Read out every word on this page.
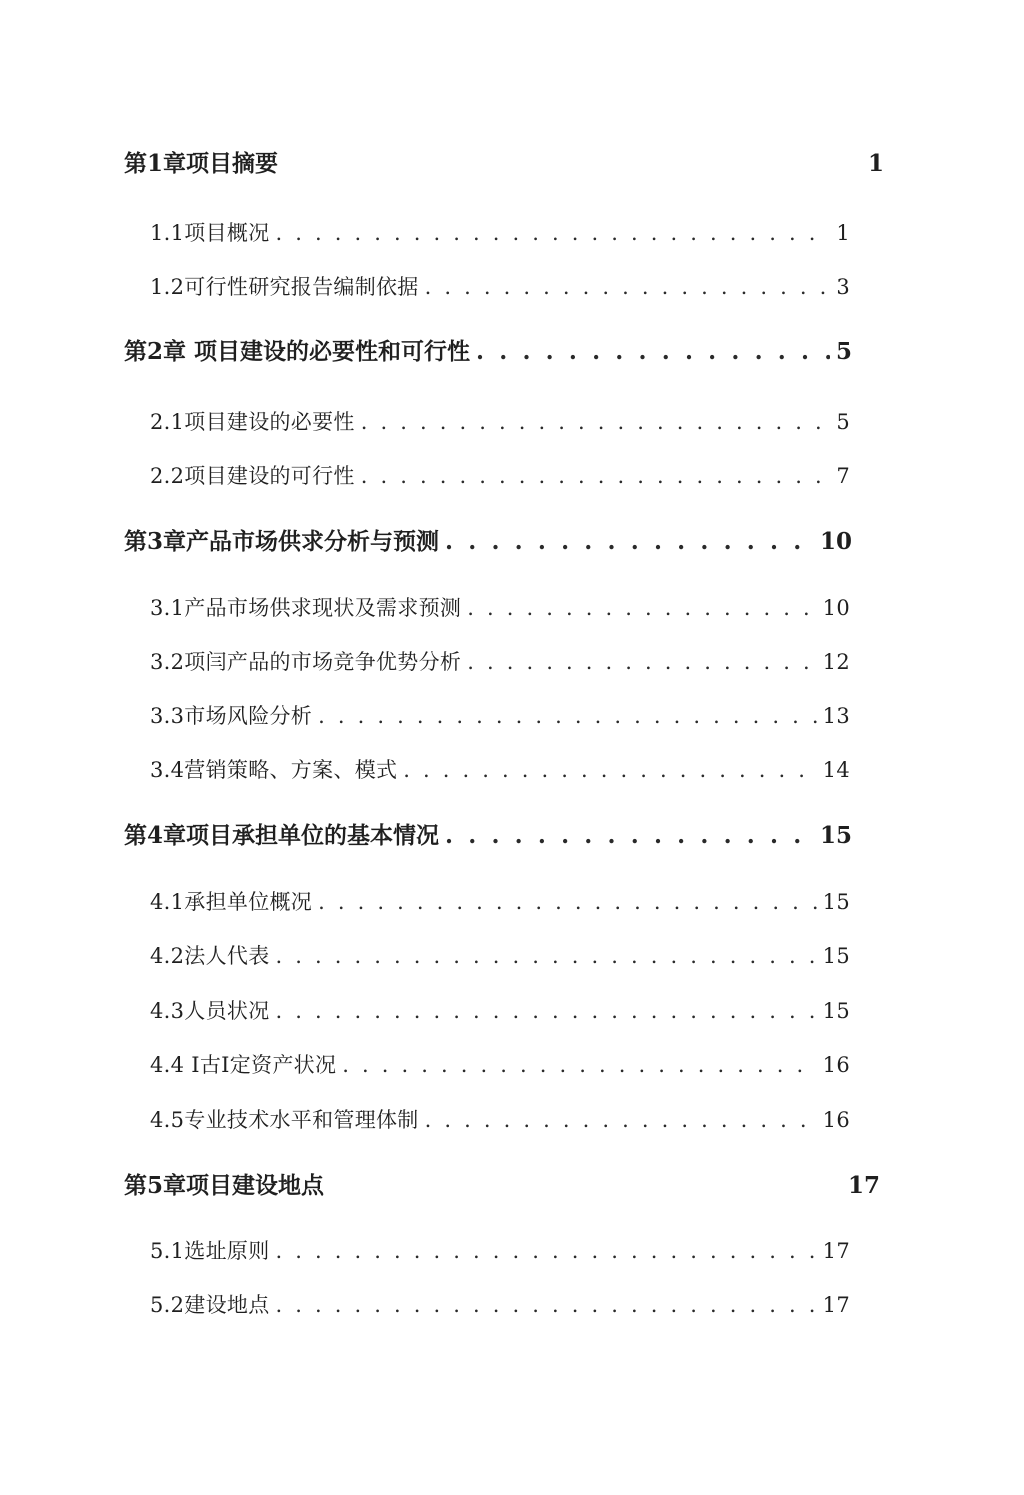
第1章项目摘要	1
1.1项目概况 . . .	1
1.2可行性研究报告编制依据 . . .	3
第2章 项目建设的必要性和可行性 . . .	5
2.1项目建设的必要性 . . .	5
2.2项目建设的可行性 . . .	7
第3章产品市场供求分析与预测 . . .	10
3.1产品市场供求现状及需求预测 . . .	10
3.2项闫产品的市场竞争优势分析 . . .	12
3.3市场风险分析 . . .	13
3.4营销策略、方案、模式 . . .	14
第4章项目承担单位的基本情况 . . .	15
4.1承担单位概况 . . .	15
4.2法人代表 . . .	15
4.3人员状况 . . .	15
4.4 I古I定资产状况 . . .	16
4.5专业技术水平和管理体制 . . .	16
第5章项目建设地点	17
5.1选址原则 . . .	17
5.2建设地点 . . .	17
